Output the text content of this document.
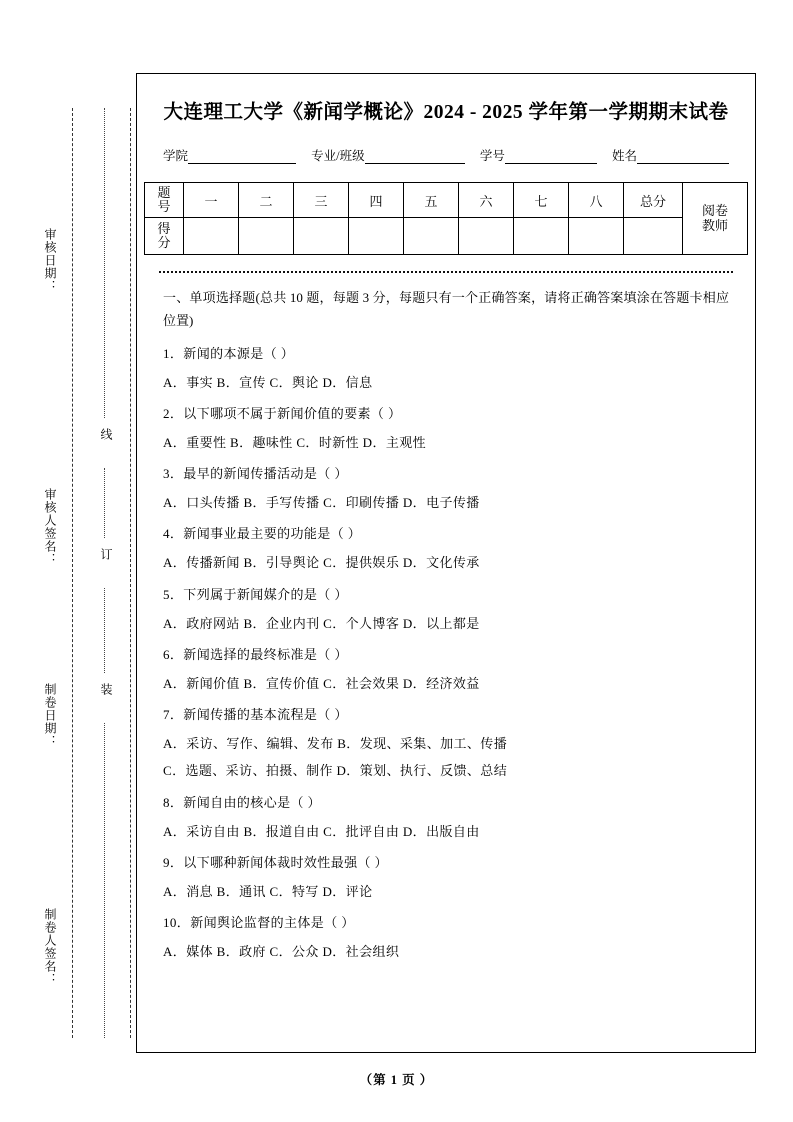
审核日期：
审核人签名：
制卷日期：
制卷人签名：
线
订
装
大连理工大学《新闻学概论》2024 - 2025 学年第一学期期末试卷
学院	专业/班级	学号	姓名
题
号	一	二	三	四	五	六	七	八	总分	阅卷
教师

得
分										

一、单项选择题(总共 10 题，每题 3 分，每题只有一个正确答案，请将正确答案填涂在答题卡相应位置)
1．新闻的本源是（ ）
A．事实 B．宣传 C．舆论 D．信息
2．以下哪项不属于新闻价值的要素（ ）
A．重要性 B．趣味性 C．时新性 D．主观性
3．最早的新闻传播活动是（ ）
A．口头传播 B．手写传播 C．印刷传播 D．电子传播
4．新闻事业最主要的功能是（ ）
A．传播新闻 B．引导舆论 C．提供娱乐 D．文化传承
5．下列属于新闻媒介的是（ ）
A．政府网站 B．企业内刊 C．个人博客 D．以上都是
6．新闻选择的最终标准是（ ）
A．新闻价值 B．宣传价值 C．社会效果 D．经济效益
7．新闻传播的基本流程是（ ）
A．采访、写作、编辑、发布 B．发现、采集、加工、传播
C．选题、采访、拍摄、制作 D．策划、执行、反馈、总结
8．新闻自由的核心是（ ）
A．采访自由 B．报道自由 C．批评自由 D．出版自由
9．以下哪种新闻体裁时效性最强（ ）
A．消息 B．通讯 C．特写 D．评论
10．新闻舆论监督的主体是（ ）
A．媒体 B．政府 C．公众 D．社会组织
（第 1 页 ）
